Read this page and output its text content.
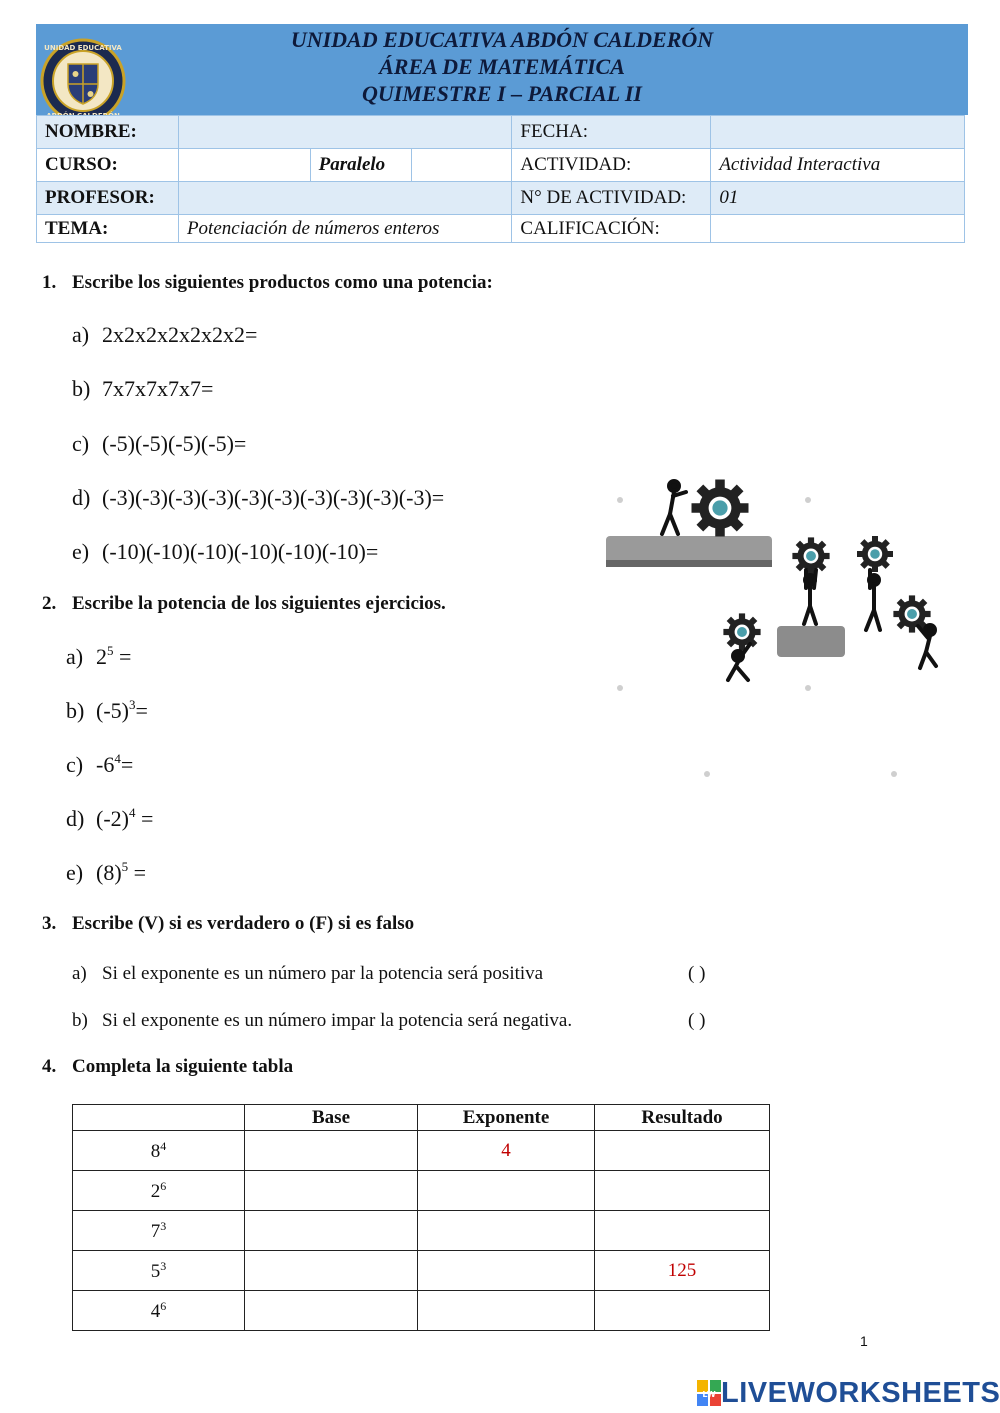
UNIDAD EDUCATIVA	UNIDAD EDUCATIVA ABDÓN CALDERÓN
ÁREA DE MATEMÁTICA
QUIMESTRE I – PARCIAL II
NOMBRE:				FECHA:	
CURSO:		Paralelo		ACTIVIDAD:	Actividad Interactiva
PROFESOR:				N° DE ACTIVIDAD:	01
TEMA:	Potenciación de números enteros			CALIFICACIÓN:	
1. Escribe los siguientes productos como una potencia:
a) 2x2x2x2x2x2x2=
b) 7x7x7x7x7=
c) (-5)(-5)(-5)(-5)=
d) (-3)(-3)(-3)(-3)(-3)(-3)(-3)(-3)(-3)(-3)=
e) (-10)(-10)(-10)(-10)(-10)(-10)=
2. Escribe la potencia de los siguientes ejercicios.
a) $2^5$ =
b) $(-5)^3=$
c) $-6^4=$
d) $(-2)^4$ =
e) $(8)^5$ =
3. Escribe (V) si es verdadero o (F) si es falso
a) Si el exponente es un número par la potencia será positiva	( )
b) Si el exponente es un número impar la potencia será negativa.	( )
4. Completa la siguiente tabla
	Base	Exponente	Resultado
$8^4$		4	
$2^6$			
$7^3$			
$5^3$			125
$4^6$			
1
LW LIVEWORKSHEETS
